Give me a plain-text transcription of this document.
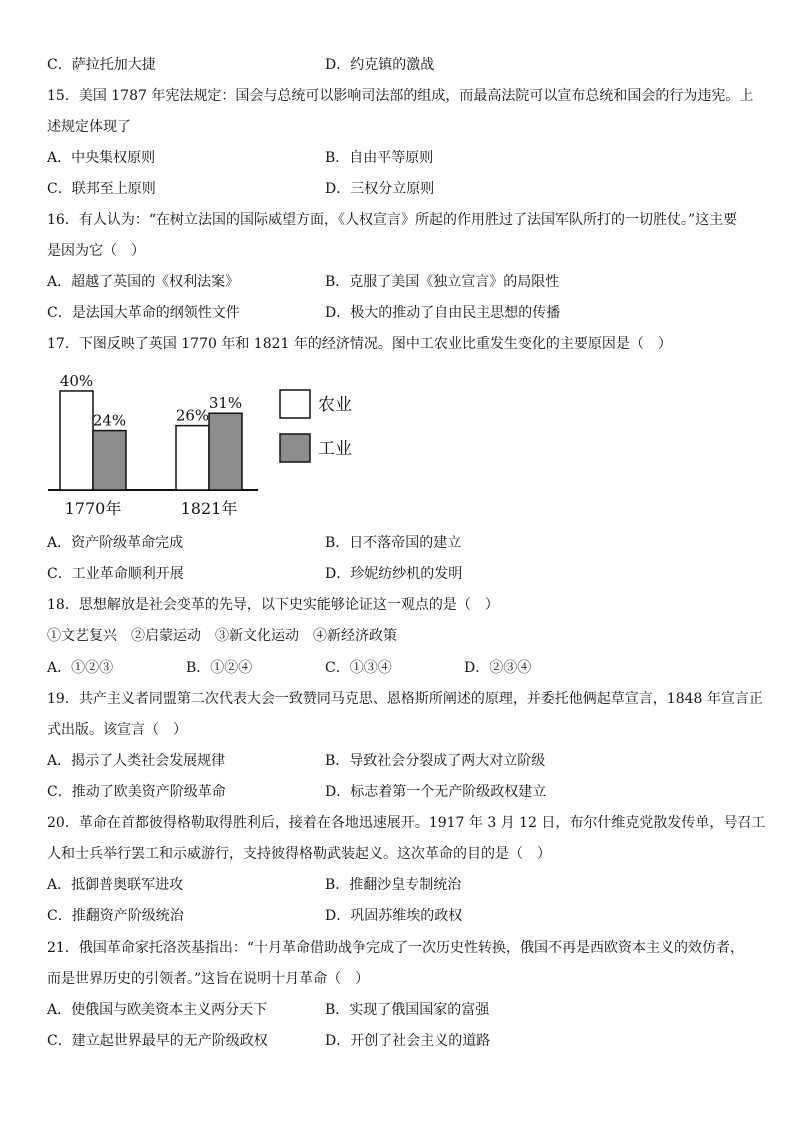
C．萨拉托加大捷	D．约克镇的激战
15．美国 1787 年宪法规定：国会与总统可以影响司法部的组成，而最高法院可以宣布总统和国会的行为违宪。上
述规定体现了
A．中央集权原则	B．自由平等原则
C．联邦至上原则	D．三权分立原则
16．有人认为：“在树立法国的国际威望方面，《人权宣言》所起的作用胜过了法国军队所打的一切胜仗。”这主要
是因为它（　）
A．超越了英国的《权利法案》	B．克服了美国《独立宣言》的局限性
C．是法国大革命的纲领性文件	D．极大的推动了自由民主思想的传播
17．下图反映了英国 1770 年和 1821 年的经济情况。图中工农业比重发生变化的主要原因是（　）
40%
24%
1770年
26%
31%
1821年
农业
工业
A．资产阶级革命完成	B．日不落帝国的建立
C．工业革命顺利开展	D．珍妮纺纱机的发明
18．思想解放是社会变革的先导，以下史实能够论证这一观点的是（　）
①文艺复兴　②启蒙运动　③新文化运动　④新经济政策
A．①②③	B．①②④	C．①③④	D．②③④
19．共产主义者同盟第二次代表大会一致赞同马克思、恩格斯所阐述的原理，并委托他俩起草宣言，1848 年宣言正
式出版。该宣言（　）
A．揭示了人类社会发展规律	B．导致社会分裂成了两大对立阶级
C．推动了欧美资产阶级革命	D．标志着第一个无产阶级政权建立
20．革命在首都彼得格勒取得胜利后，接着在各地迅速展开。1917 年 3 月 12 日，布尔什维克党散发传单，号召工
人和士兵举行罢工和示威游行，支持彼得格勒武装起义。这次革命的目的是（　）
A．抵御普奥联军进攻	B．推翻沙皇专制统治
C．推翻资产阶级统治	D．巩固苏维埃的政权
21．俄国革命家托洛茨基指出：“十月革命借助战争完成了一次历史性转换，俄国不再是西欧资本主义的效仿者，
而是世界历史的引领者。”这旨在说明十月革命（　）
A．使俄国与欧美资本主义两分天下	B．实现了俄国国家的富强
C．建立起世界最早的无产阶级政权	D．开创了社会主义的道路
